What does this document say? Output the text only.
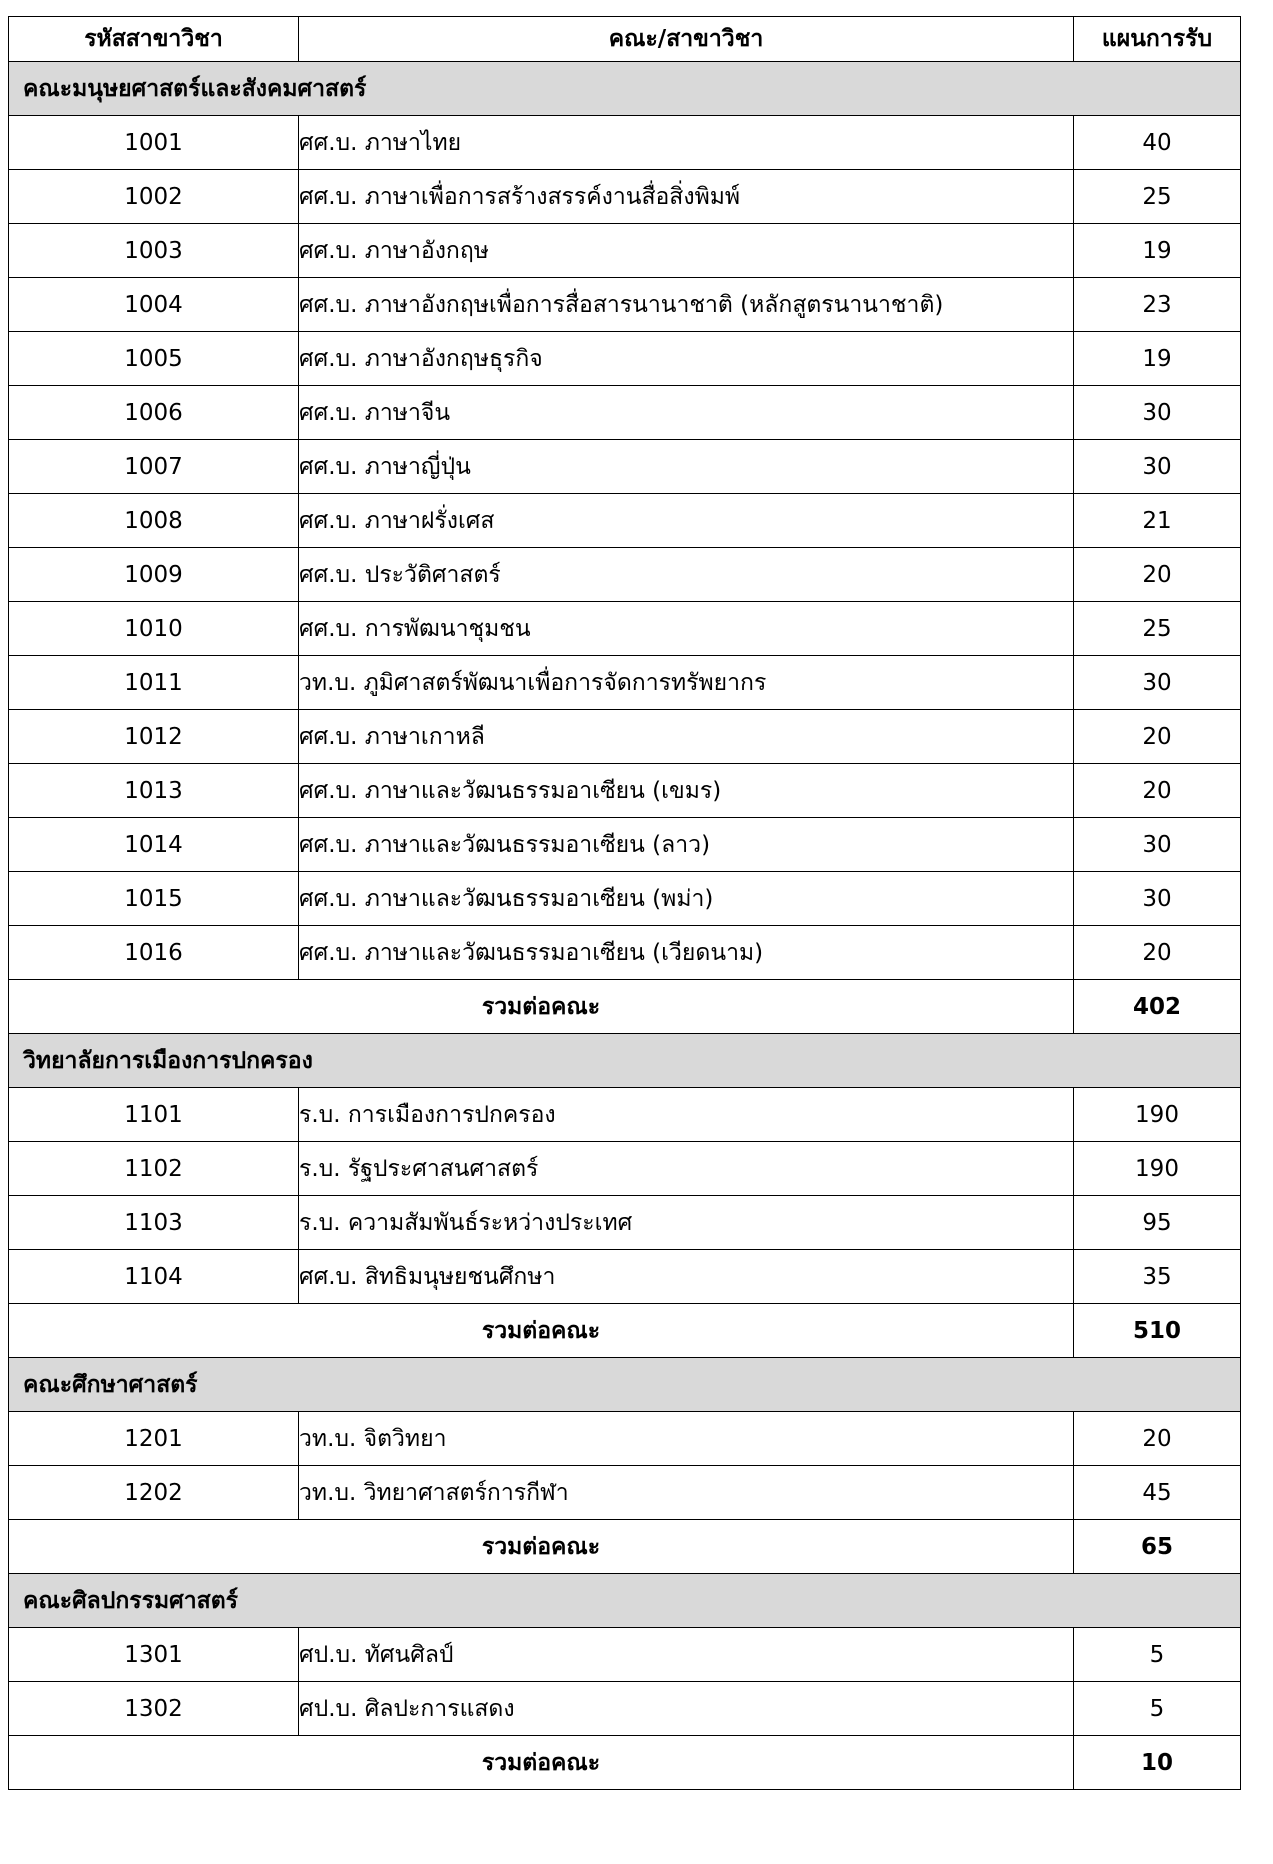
รหัสสาขาวิชา	คณะ/สาขาวิชา	แผนการรับ
คณะมนุษยศาสตร์และสังคมศาสตร์		
1001	ศศ.บ. ภาษาไทย	40
1002	ศศ.บ. ภาษาเพื่อการสร้างสรรค์งานสื่อสิ่งพิมพ์	25
1003	ศศ.บ. ภาษาอังกฤษ	19
1004	ศศ.บ. ภาษาอังกฤษเพื่อการสื่อสารนานาชาติ (หลักสูตรนานาชาติ)	23
1005	ศศ.บ. ภาษาอังกฤษธุรกิจ	19
1006	ศศ.บ. ภาษาจีน	30
1007	ศศ.บ. ภาษาญี่ปุ่น	30
1008	ศศ.บ. ภาษาฝรั่งเศส	21
1009	ศศ.บ. ประวัติศาสตร์	20
1010	ศศ.บ. การพัฒนาชุมชน	25
1011	วท.บ. ภูมิศาสตร์พัฒนาเพื่อการจัดการทรัพยากร	30
1012	ศศ.บ. ภาษาเกาหลี	20
1013	ศศ.บ. ภาษาและวัฒนธรรมอาเซียน (เขมร)	20
1014	ศศ.บ. ภาษาและวัฒนธรรมอาเซียน (ลาว)	30
1015	ศศ.บ. ภาษาและวัฒนธรรมอาเซียน (พม่า)	30
1016	ศศ.บ. ภาษาและวัฒนธรรมอาเซียน (เวียดนาม)	20
รวมต่อคณะ		402
วิทยาลัยการเมืองการปกครอง		
1101	ร.บ. การเมืองการปกครอง	190
1102	ร.บ. รัฐประศาสนศาสตร์	190
1103	ร.บ. ความสัมพันธ์ระหว่างประเทศ	95
1104	ศศ.บ. สิทธิมนุษยชนศึกษา	35
รวมต่อคณะ		510
คณะศึกษาศาสตร์		
1201	วท.บ. จิตวิทยา	20
1202	วท.บ. วิทยาศาสตร์การกีฬา	45
รวมต่อคณะ		65
คณะศิลปกรรมศาสตร์		
1301	ศป.บ. ทัศนศิลป์	5
1302	ศป.บ. ศิลปะการแสดง	5
รวมต่อคณะ		10
